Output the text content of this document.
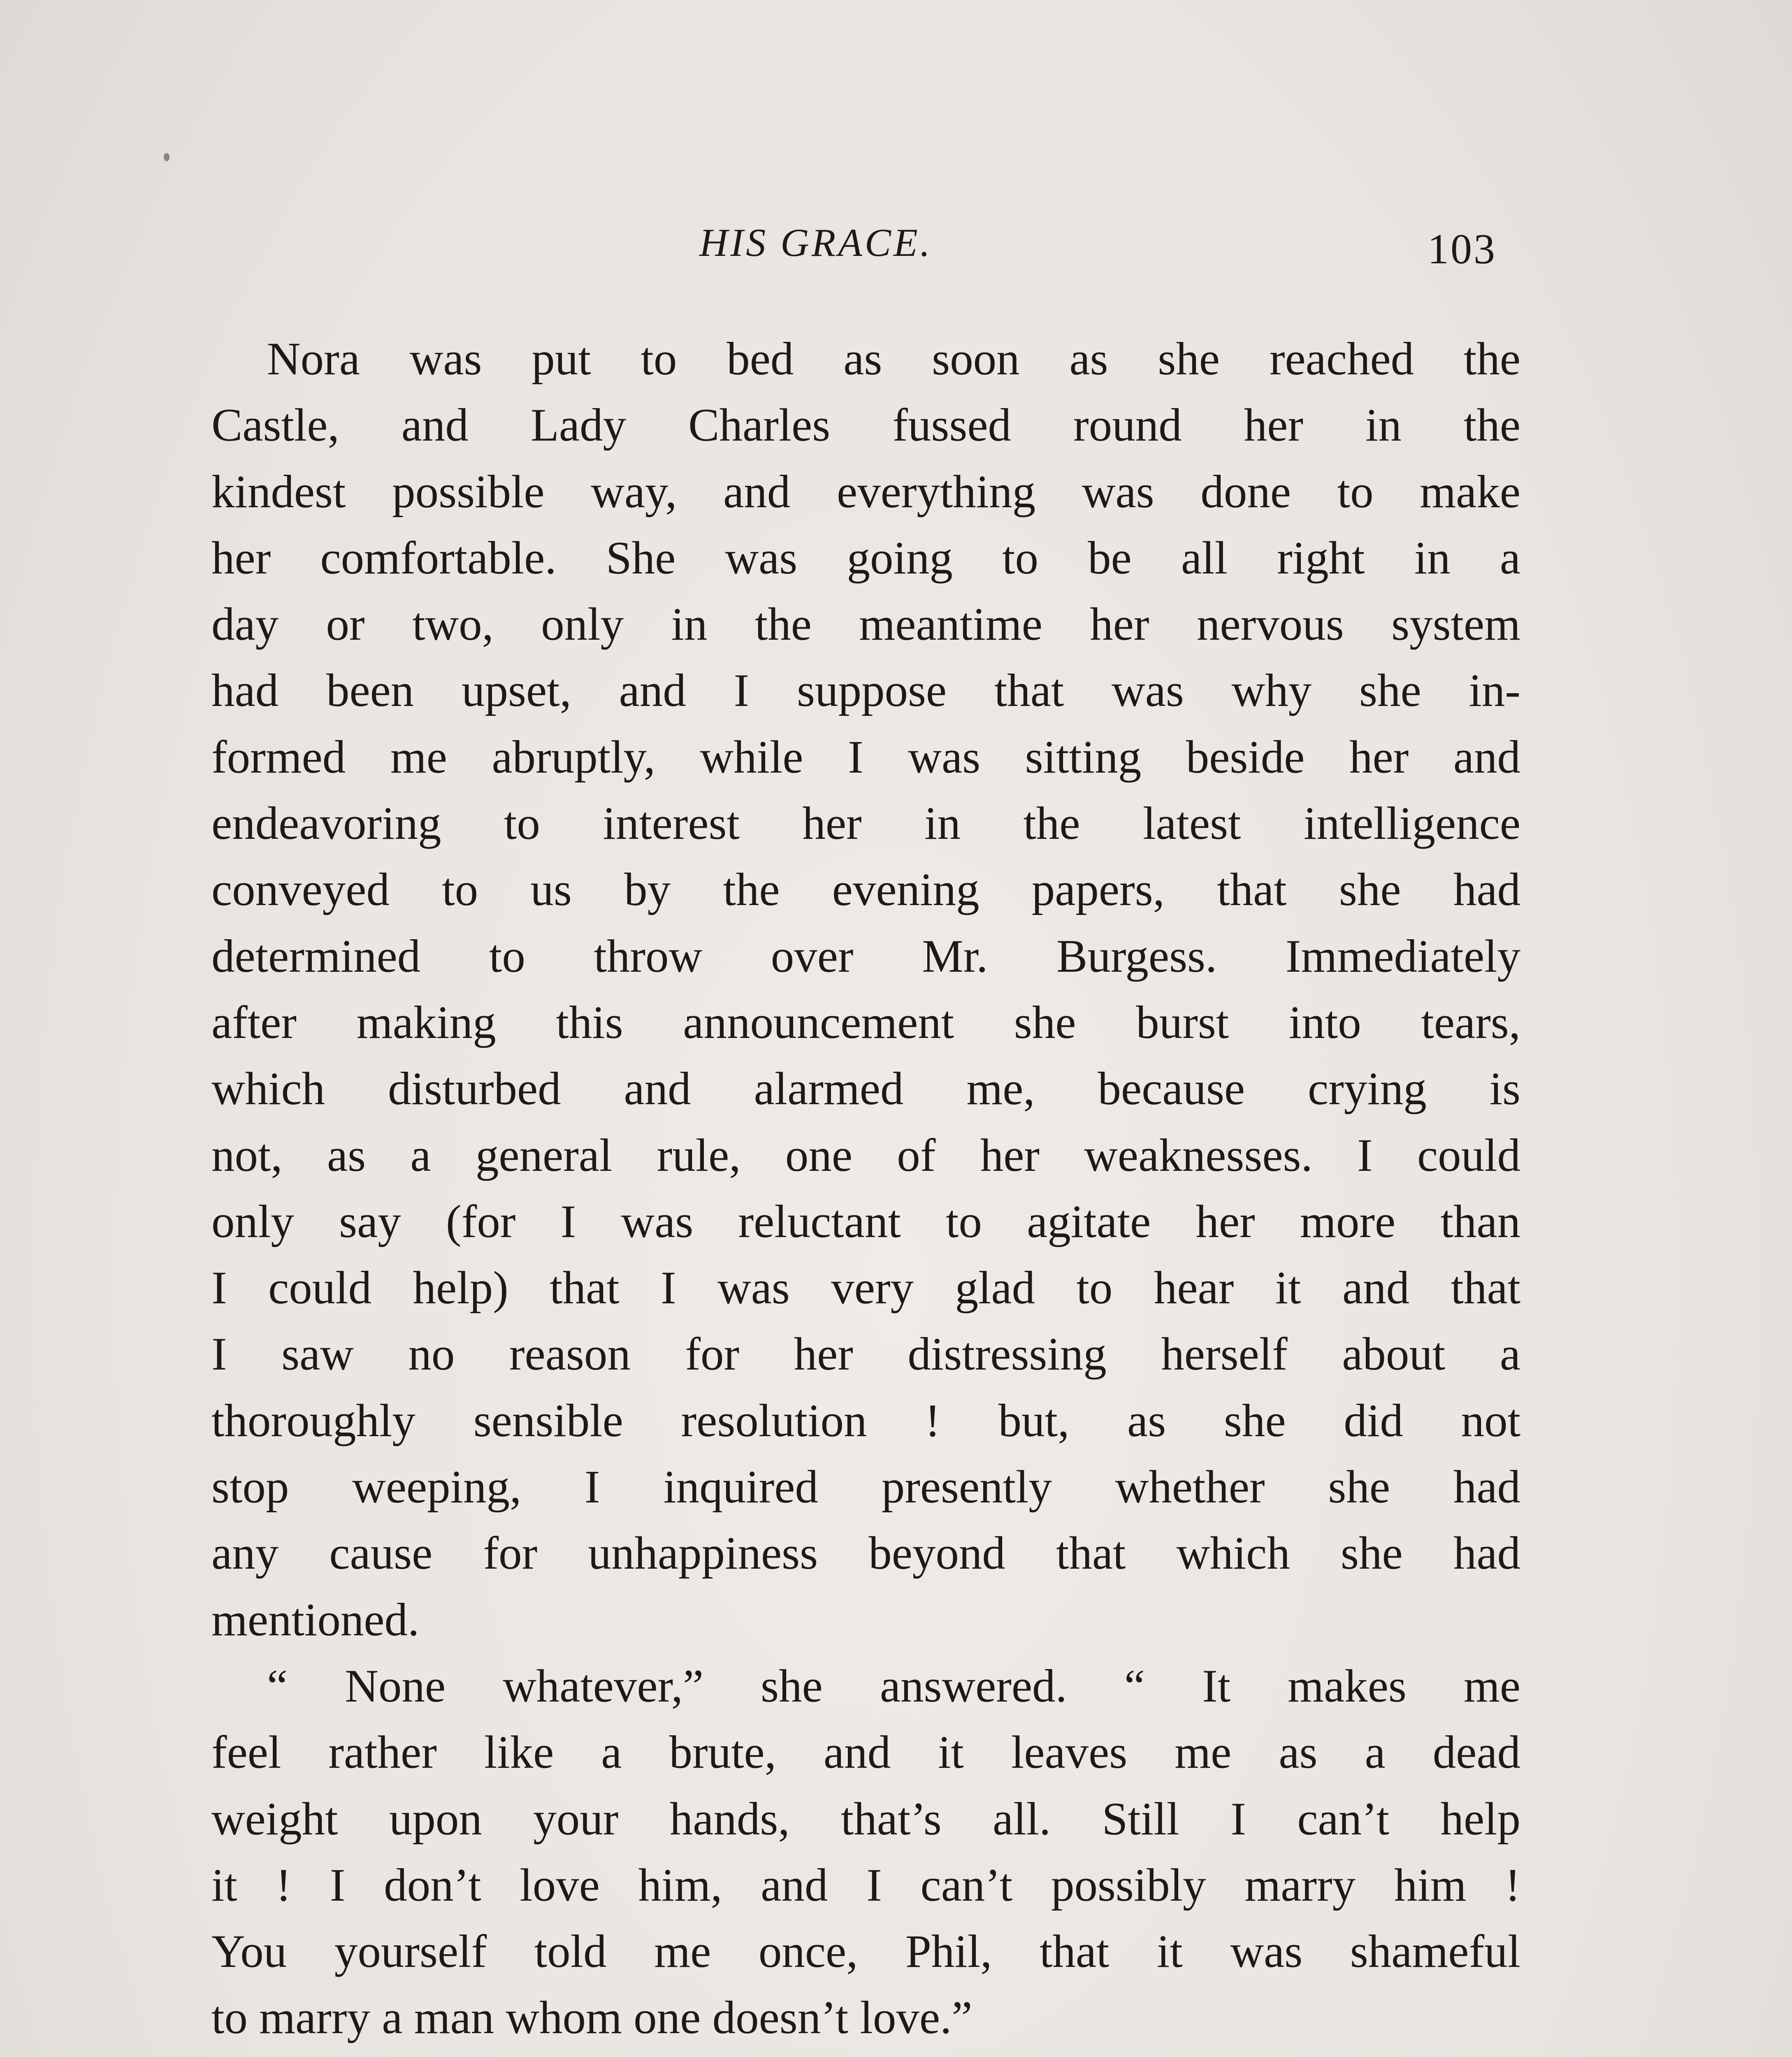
HIS GRACE.	103
Nora was put to bed as soon as she reached the
Castle, and Lady Charles fussed round her in the
kindest possible way, and everything was done to make
her comfortable. She was going to be all right in a
day or two, only in the meantime her nervous system
had been upset, and I suppose that was why she in-
formed me abruptly, while I was sitting beside her and
endeavoring to interest her in the latest intelligence
conveyed to us by the evening papers, that she had
determined to throw over Mr. Burgess. Immediately
after making this announcement she burst into tears,
which disturbed and alarmed me, because crying is
not, as a general rule, one of her weaknesses. I could
only say (for I was reluctant to agitate her more than
I could help) that I was very glad to hear it and that
I saw no reason for her distressing herself about a
thoroughly sensible resolution ! but, as she did not
stop weeping, I inquired presently whether she had
any cause for unhappiness beyond that which she had
mentioned.
“ None whatever,” she answered. “ It makes me
feel rather like a brute, and it leaves me as a dead
weight upon your hands, that’s all. Still I can’t help
it ! I don’t love him, and I can’t possibly marry him !
You yourself told me once, Phil, that it was shameful
to marry a man whom one doesn’t love.”
